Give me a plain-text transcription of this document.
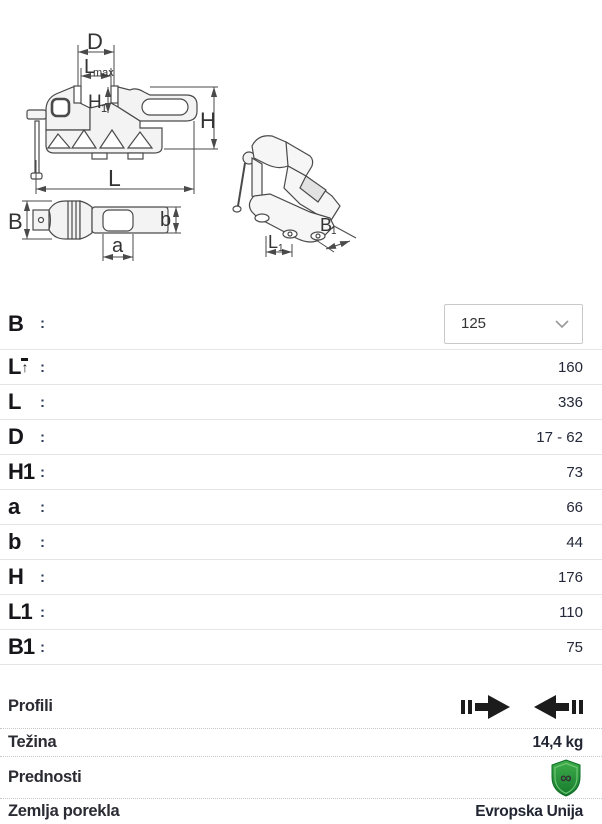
D
L
max
H 1	H
L
B	b
a	L 1
B
1
B	:	125
L ↑ :	160
L	:	336
D	:	17 - 62
H1 :	73
a	:	66
b	:	44
H	:	176
L1 :	110
B1 :	75
Profili
Težina	14,4 kg
Prednosti	∞
Zemlja porekla	Evropska Unija
